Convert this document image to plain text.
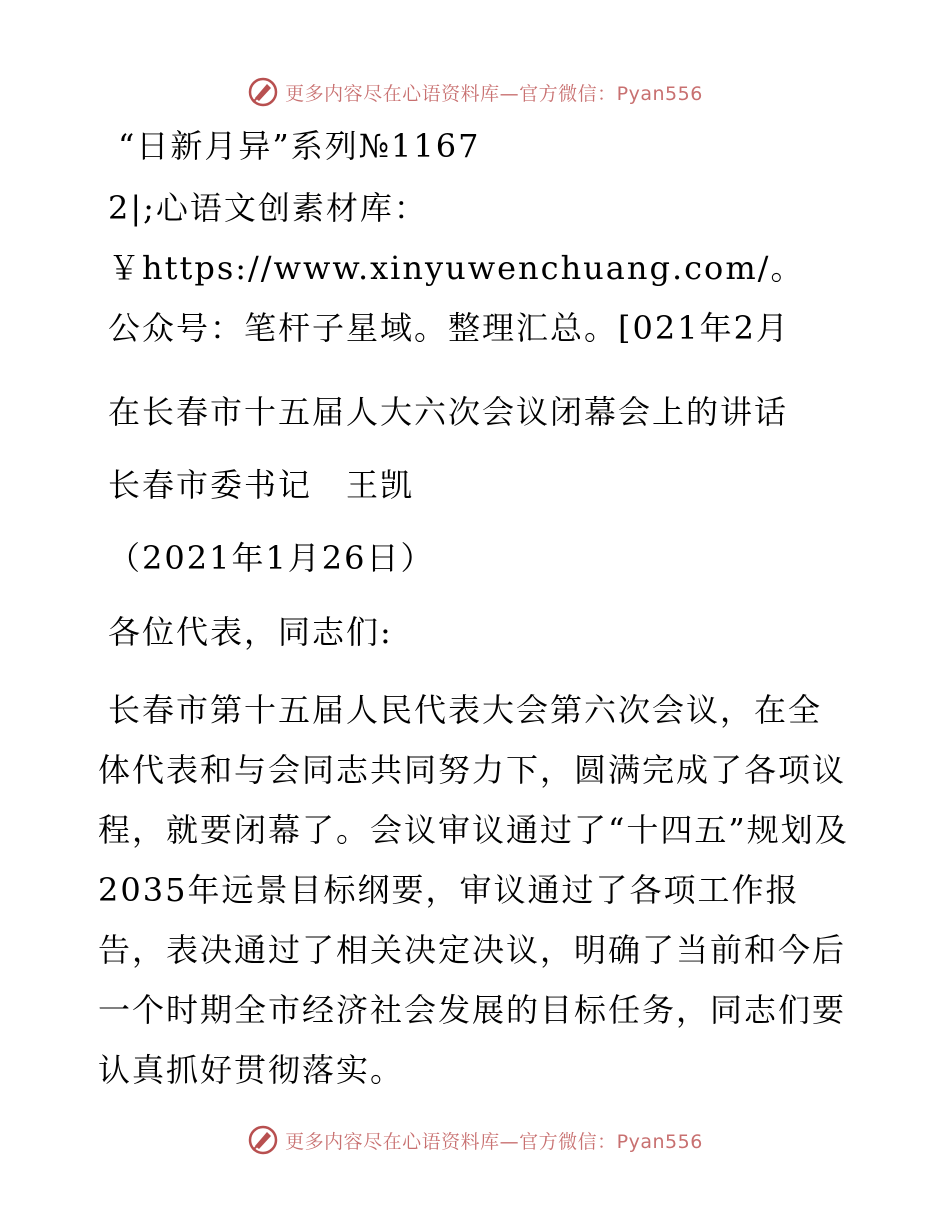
更多内容尽在心语资料库—官方微信：Pyan556
“日新月异”系列№1167
2|;心语文创素材库：￥https://www.xinyuwenchuang.com/。公众号：笔杆子星域。整理汇总。[021年2月
在长春市十五届人大六次会议闭幕会上的讲话
长春市委书记　王凯
（2021年1月26日）
各位代表，同志们:
长春市第十五届人民代表大会第六次会议，在全体代表和与会同志共同努力下，圆满完成了各项议程，就要闭幕了。会议审议通过了“十四五”规划及2035年远景目标纲要，审议通过了各项工作报告，表决通过了相关决定决议，明确了当前和今后一个时期全市经济社会发展的目标任务，同志们要认真抓好贯彻落实。
更多内容尽在心语资料库—官方微信：Pyan556
